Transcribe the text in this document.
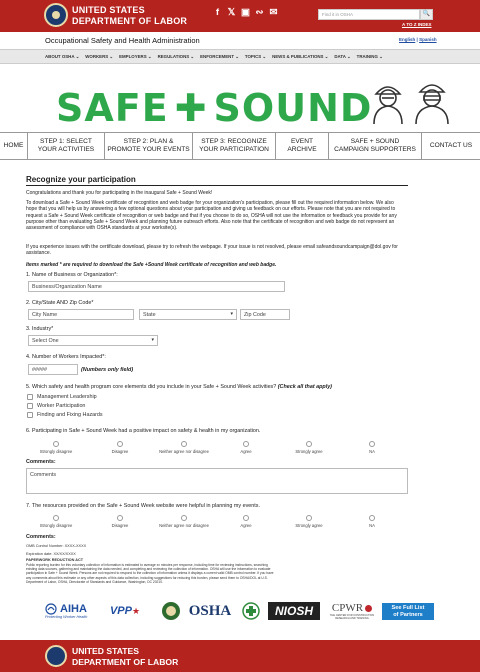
UNITED STATES
DEPARTMENT OF LABOR
f 𝕏 ▣ ∾ ✉	Find it in OSHA	🔍
A TO Z INDEX
Occupational Safety and Health Administration	English | Spanish
ABOUT OSHA ⌄ WORKERS ⌄ EMPLOYERS ⌄ REGULATIONS ⌄ ENFORCEMENT ⌄ TOPICS ⌄ NEWS & PUBLICATIONS ⌄ DATA ⌄ TRAINING ⌄
SAFE ✚ SOUND
HOME
STEP 1: SELECT
YOUR ACTIVITIES
STEP 2: PLAN &
PROMOTE YOUR EVENTS
STEP 3: RECOGNIZE
YOUR PARTICIPATION
EVENT
ARCHIVE
SAFE + SOUND
CAMPAIGN SUPPORTERS
CONTACT US
Recognize your participation
Congratulations and thank you for participating in the inaugural Safe + Sound Week!
To download a Safe + Sound Week certificate of recognition and web badge for your organization's participation, please fill out the required information below. We also hope that you will help us by answering a few optional questions about your participation and giving us feedback on our efforts. Please note that you are not required to request a Safe + Sound Week certificate of recognition or web badge and that if you choose to do so, OSHA will not use the information or feedback you provide for any purpose other than evaluating Safe + Sound Week and planning future outreach efforts. Also note that the certificate of recognition and web badge do not represent an assessment of compliance with OSHA standards at your worksite(s).
If you experience issues with the certificate download, please try to refresh the webpage. If your issue is not resolved, please email safeandsoundcampaign@dol.gov for assistance.
Items marked * are required to download the Safe +Sound Week certificate of recognition and web badge.
1. Name of Business or Organization*:
Business/Organization Name
2. City/State AND Zip Code*
City Name	State	▾	Zip Code
3. Industry*
Select One	▾
4. Number of Workers Impacted*:
#####	(Numbers only field)
5. Which safety and health program core elements did you include in your Safe + Sound Week activities? (Check all that apply)
Management Leadership
Worker Participation
Finding and Fixing Hazards
6. Participating in Safe + Sound Week had a positive impact on safety & health in my organization.
Strongly disagree	Disagree	Neither agree nor disagree	Agree	Strongly agree	NA
Comments:
Comments
7. The resources provided on the Safe + Sound Week website were helpful in planning my events.
Strongly disagree	Disagree	Neither agree nor disagree	Agree	Strongly agree	NA
Comments:
OMB Control Number: XXXX-XXXX
Expiration date: XX/XX/XXXX
PAPERWORK REDUCTION ACT
Public reporting burden for this voluntary collection of information is estimated to average xx minutes per response, including time for reviewing instructions, searching existing data sources, gathering and maintaining the data needed, and completing and reviewing the collection of information. OSHA will use the information to evaluate participation in Safe + Sound Week. Persons are not required to respond to the collection of information unless it displays a current valid OMB control number. If you have any comments about this estimate or any other aspects of this data collection, including suggestions for reducing this burden, please send them to OSHA/DOL at U.S. Department of Labor, OSHA, Directorate of Standards and Guidance, Washington, DC 20210.
AIHA
Protecting Worker Health VPP ★	OSHA	NIOSH CPWR
THE CENTER FOR CONSTRUCTION RESEARCH AND TRAINING
See Full List
of Partners
UNITED STATES
DEPARTMENT OF LABOR
